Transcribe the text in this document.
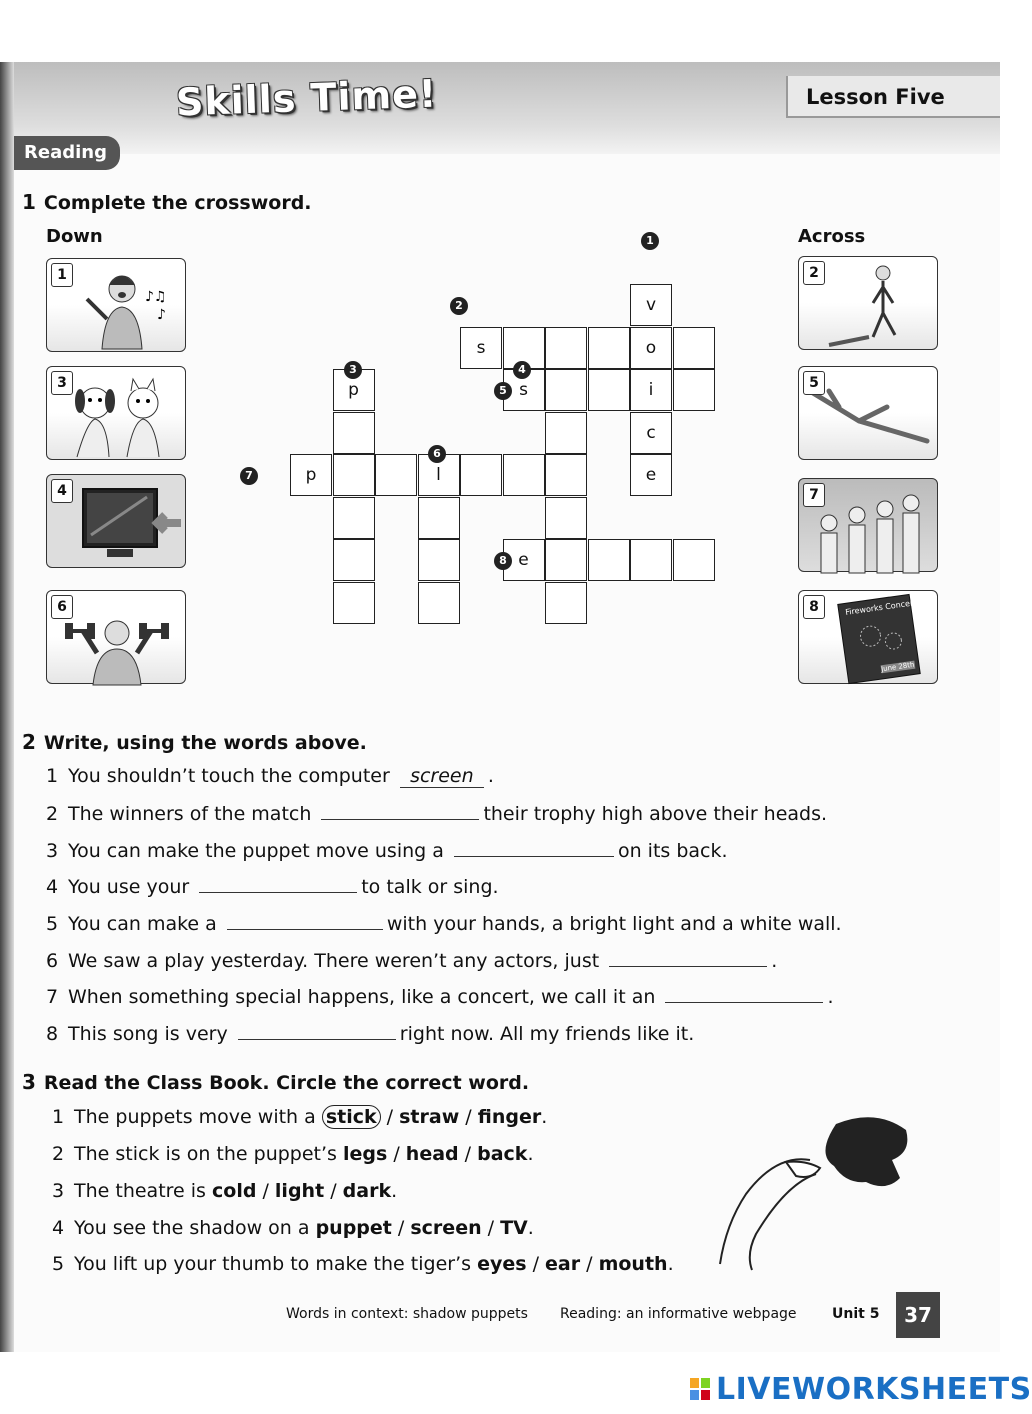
Skills Time!	Lesson Five
Reading
1 Complete the crossword.
Down	Across
♪♫
♪
1
3
4
6
2
5
7
8	Fireworks Concert
June 28th
v
o
i
c
e
s
p	s
l
p
e
1
2
3	4
5
6
7
8
2 Write, using the words above.
1 You shouldn’t touch the computer screen .
2 The winners of the match	their trophy high above their heads.
3 You can make the puppet move using a	on its back.
4 You use your	to talk or sing.
5 You can make a	with your hands, a bright light and a white wall.
6 We saw a play yesterday. There weren’t any actors, just	.
7 When something special happens, like a concert, we call it an	.
8 This song is very	right now. All my friends like it.
3 Read the Class Book. Circle the correct word.
1 The puppets move with a stick / straw / finger.
2 The stick is on the puppet’s legs / head / back.
3 The theatre is cold / light / dark.
4 You see the shadow on a puppet / screen / TV.
5 You lift up your thumb to make the tiger’s eyes / ear / mouth.
Words in context: shadow puppets Reading: an informative webpage	Unit 5	37
LIVEWORKSHEETS
